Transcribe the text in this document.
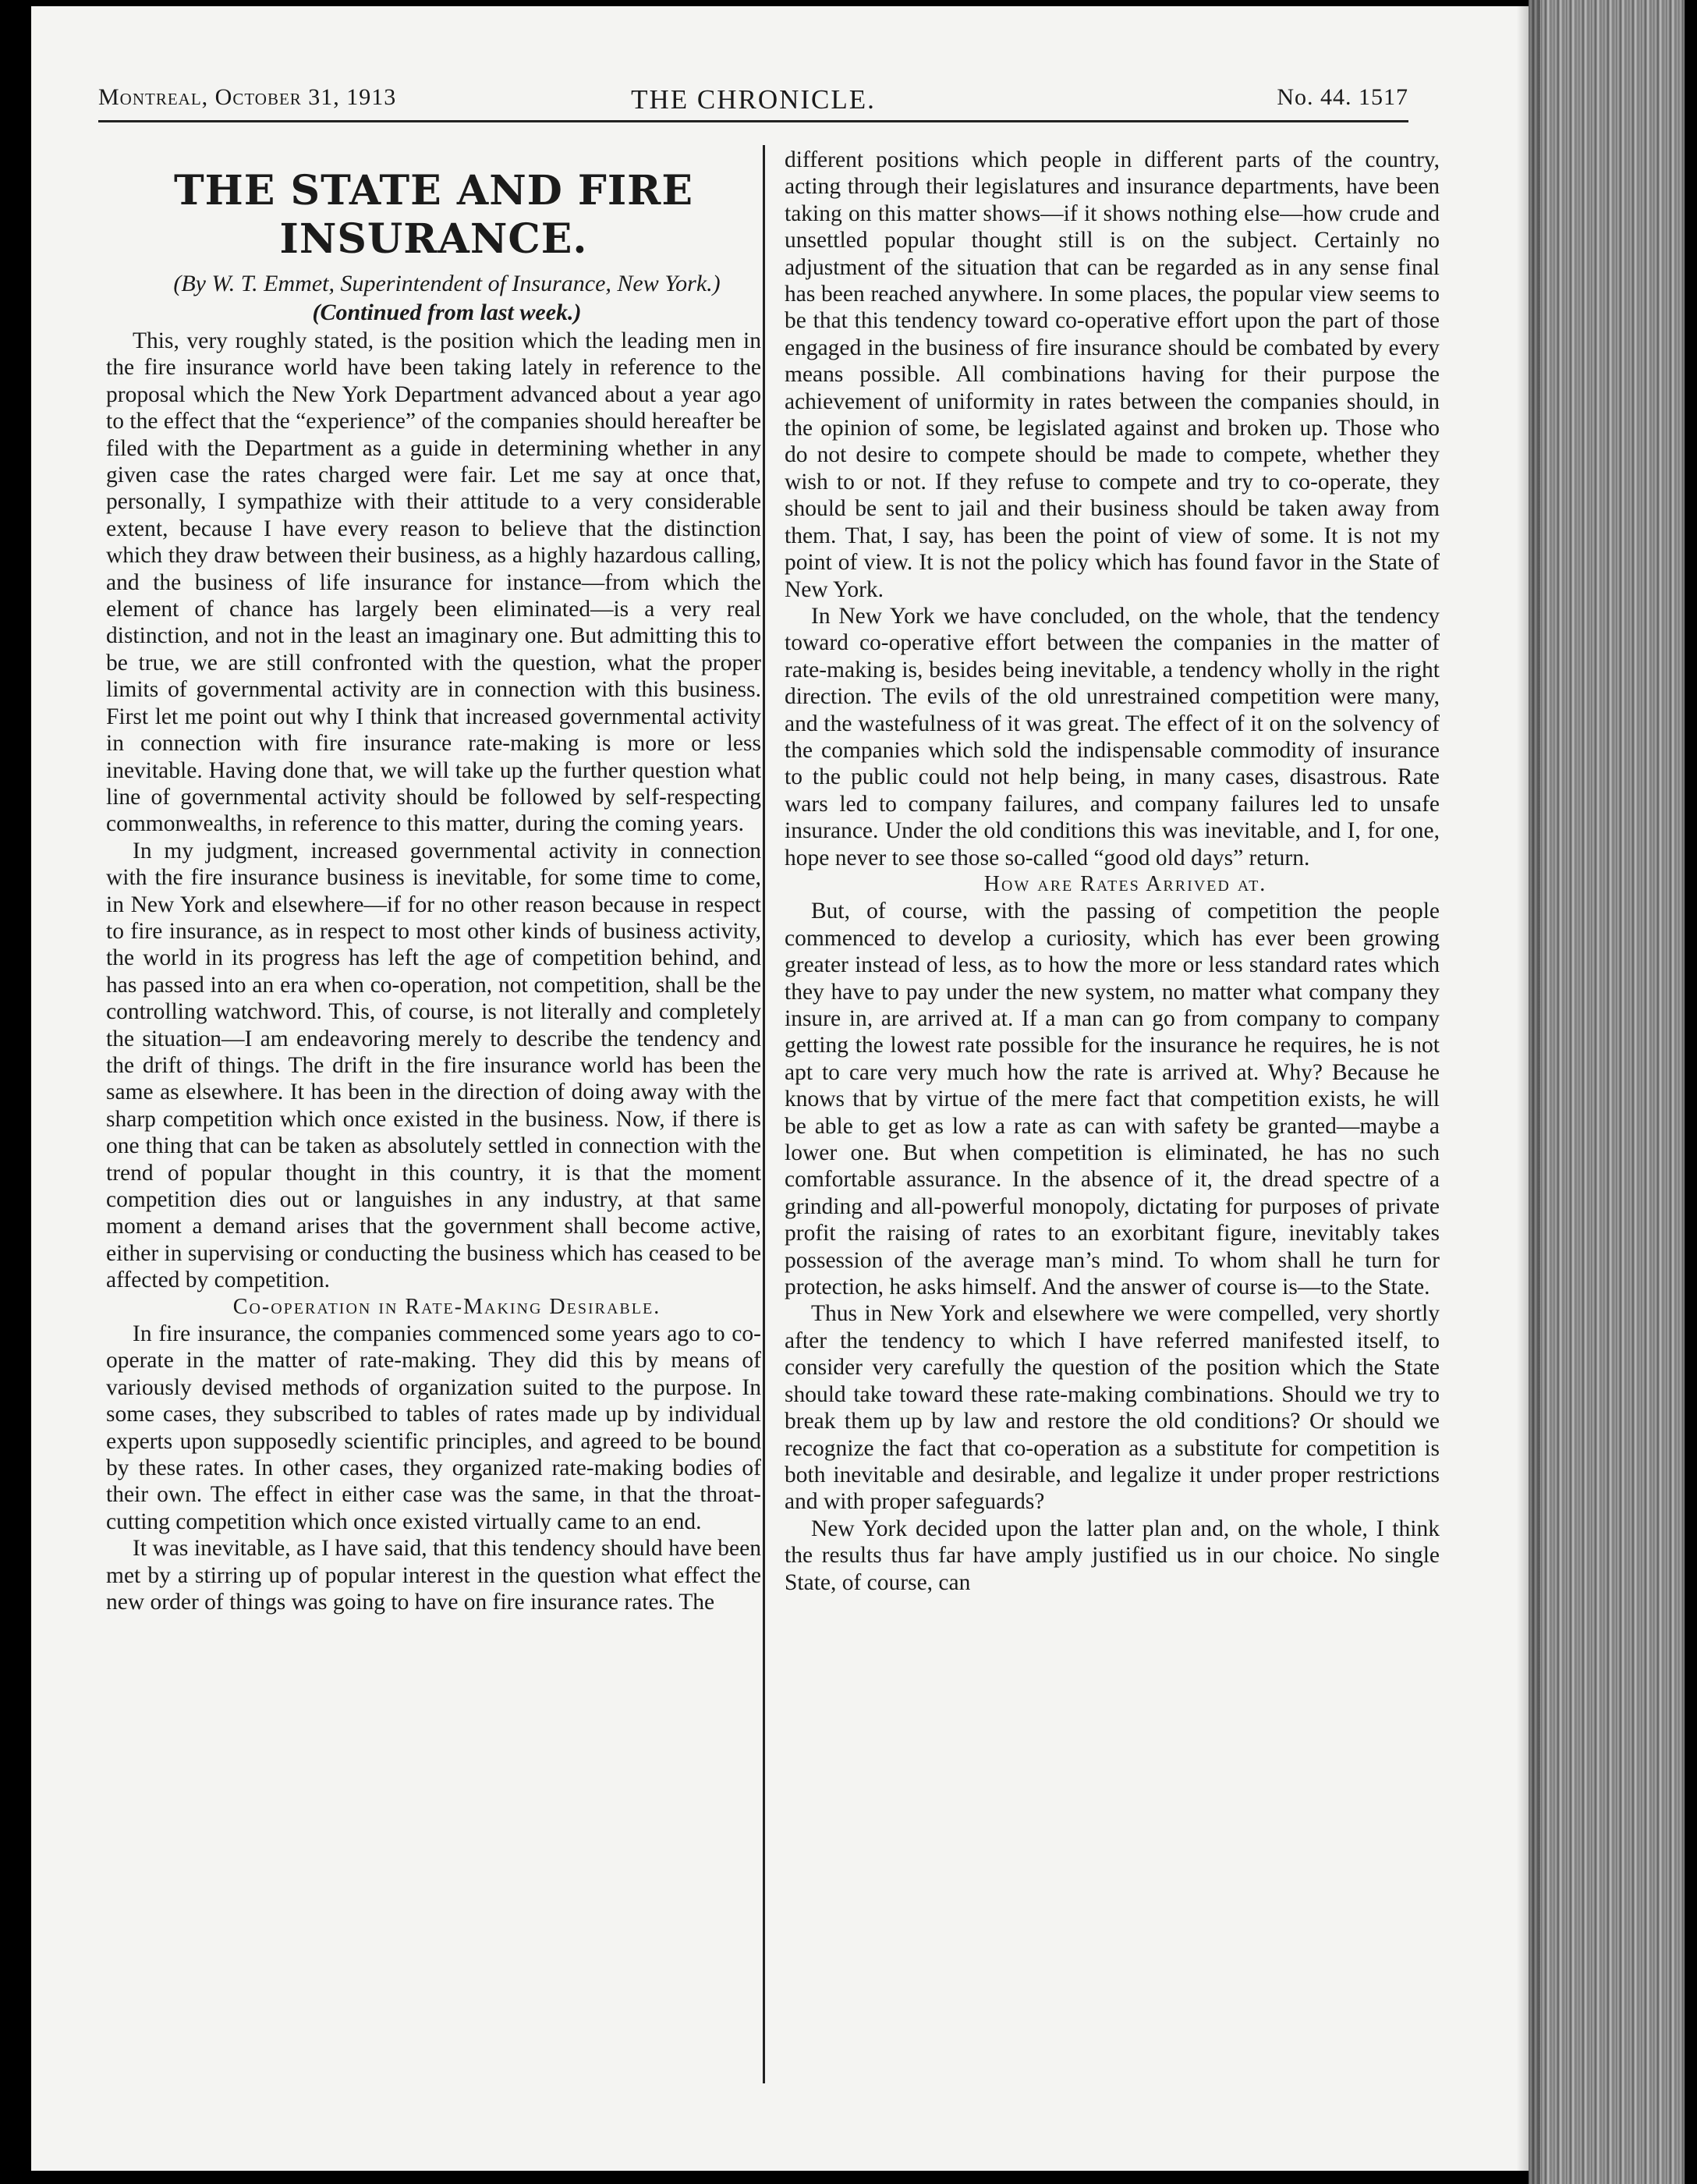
Montreal, October 31, 1913	THE CHRONICLE.	No. 44. 1517
THE STATE AND FIRE INSURANCE.

(By W. T. Emmet, Superintendent of Insurance, New York.)

(Continued from last week.)

This, very roughly stated, is the position which the leading men in the fire insurance world have been taking lately in reference to the proposal which the New York Department advanced about a year ago to the effect that the “experience” of the companies should hereafter be filed with the Department as a guide in determining whether in any given case the rates charged were fair. Let me say at once that, personally, I sympathize with their attitude to a very considerable extent, because I have every reason to believe that the distinction which they draw between their business, as a highly hazardous calling, and the business of life insurance for instance—from which the element of chance has largely been eliminated—is a very real distinction, and not in the least an imaginary one. But admitting this to be true, we are still confronted with the question, what the proper limits of governmental activity are in connection with this business. First let me point out why I think that increased governmental activity in connection with fire insurance rate-making is more or less inevitable. Having done that, we will take up the further question what line of governmental activity should be followed by self-respecting commonwealths, in reference to this matter, during the coming years.

In my judgment, increased governmental activity in connection with the fire insurance business is inevitable, for some time to come, in New York and elsewhere—if for no other reason because in respect to fire insurance, as in respect to most other kinds of business activity, the world in its progress has left the age of competition behind, and has passed into an era when co-operation, not competition, shall be the controlling watchword. This, of course, is not literally and completely the situation—I am endeavoring merely to describe the tendency and the drift of things. The drift in the fire insurance world has been the same as elsewhere. It has been in the direction of doing away with the sharp competition which once existed in the business. Now, if there is one thing that can be taken as absolutely settled in connection with the trend of popular thought in this country, it is that the moment competition dies out or languishes in any industry, at that same moment a demand arises that the government shall become active, either in supervising or conducting the business which has ceased to be affected by competition.

Co-operation in Rate-Making Desirable.

In fire insurance, the companies commenced some years ago to co-operate in the matter of rate-making. They did this by means of variously devised methods of organization suited to the purpose. In some cases, they subscribed to tables of rates made up by individual experts upon supposedly scientific principles, and agreed to be bound by these rates. In other cases, they organized rate-making bodies of their own. The effect in either case was the same, in that the throat-cutting competition which once existed virtually came to an end.

It was inevitable, as I have said, that this tendency should have been met by a stirring up of popular interest in the question what effect the new order of things was going to have on fire insurance rates. The

different positions which people in different parts of the country, acting through their legislatures and insurance departments, have been taking on this matter shows—if it shows nothing else—how crude and unsettled popular thought still is on the subject. Certainly no adjustment of the situation that can be regarded as in any sense final has been reached anywhere. In some places, the popular view seems to be that this tendency toward co-operative effort upon the part of those engaged in the business of fire insurance should be combated by every means possible. All combinations having for their purpose the achievement of uniformity in rates between the companies should, in the opinion of some, be legislated against and broken up. Those who do not desire to compete should be made to compete, whether they wish to or not. If they refuse to compete and try to co-operate, they should be sent to jail and their business should be taken away from them. That, I say, has been the point of view of some. It is not my point of view. It is not the policy which has found favor in the State of New York.

In New York we have concluded, on the whole, that the tendency toward co-operative effort between the companies in the matter of rate-making is, besides being inevitable, a tendency wholly in the right direction. The evils of the old unrestrained competition were many, and the wastefulness of it was great. The effect of it on the solvency of the companies which sold the indispensable commodity of insurance to the public could not help being, in many cases, disastrous. Rate wars led to company failures, and company failures led to unsafe insurance. Under the old conditions this was inevitable, and I, for one, hope never to see those so-called “good old days” return.

How are Rates Arrived at.

But, of course, with the passing of competition the people commenced to develop a curiosity, which has ever been growing greater instead of less, as to how the more or less standard rates which they have to pay under the new system, no matter what company they insure in, are arrived at. If a man can go from company to company getting the lowest rate possible for the insurance he requires, he is not apt to care very much how the rate is arrived at. Why? Because he knows that by virtue of the mere fact that competition exists, he will be able to get as low a rate as can with safety be granted—maybe a lower one. But when competition is eliminated, he has no such comfortable assurance. In the absence of it, the dread spectre of a grinding and all-powerful monopoly, dictating for purposes of private profit the raising of rates to an exorbitant figure, inevitably takes possession of the average man’s mind. To whom shall he turn for protection, he asks himself. And the answer of course is—to the State.

Thus in New York and elsewhere we were compelled, very shortly after the tendency to which I have referred manifested itself, to consider very carefully the question of the position which the State should take toward these rate-making combinations. Should we try to break them up by law and restore the old conditions? Or should we recognize the fact that co-operation as a substitute for competition is both inevitable and desirable, and legalize it under proper restrictions and with proper safeguards?

New York decided upon the latter plan and, on the whole, I think the results thus far have amply justified us in our choice. No single State, of course, can
